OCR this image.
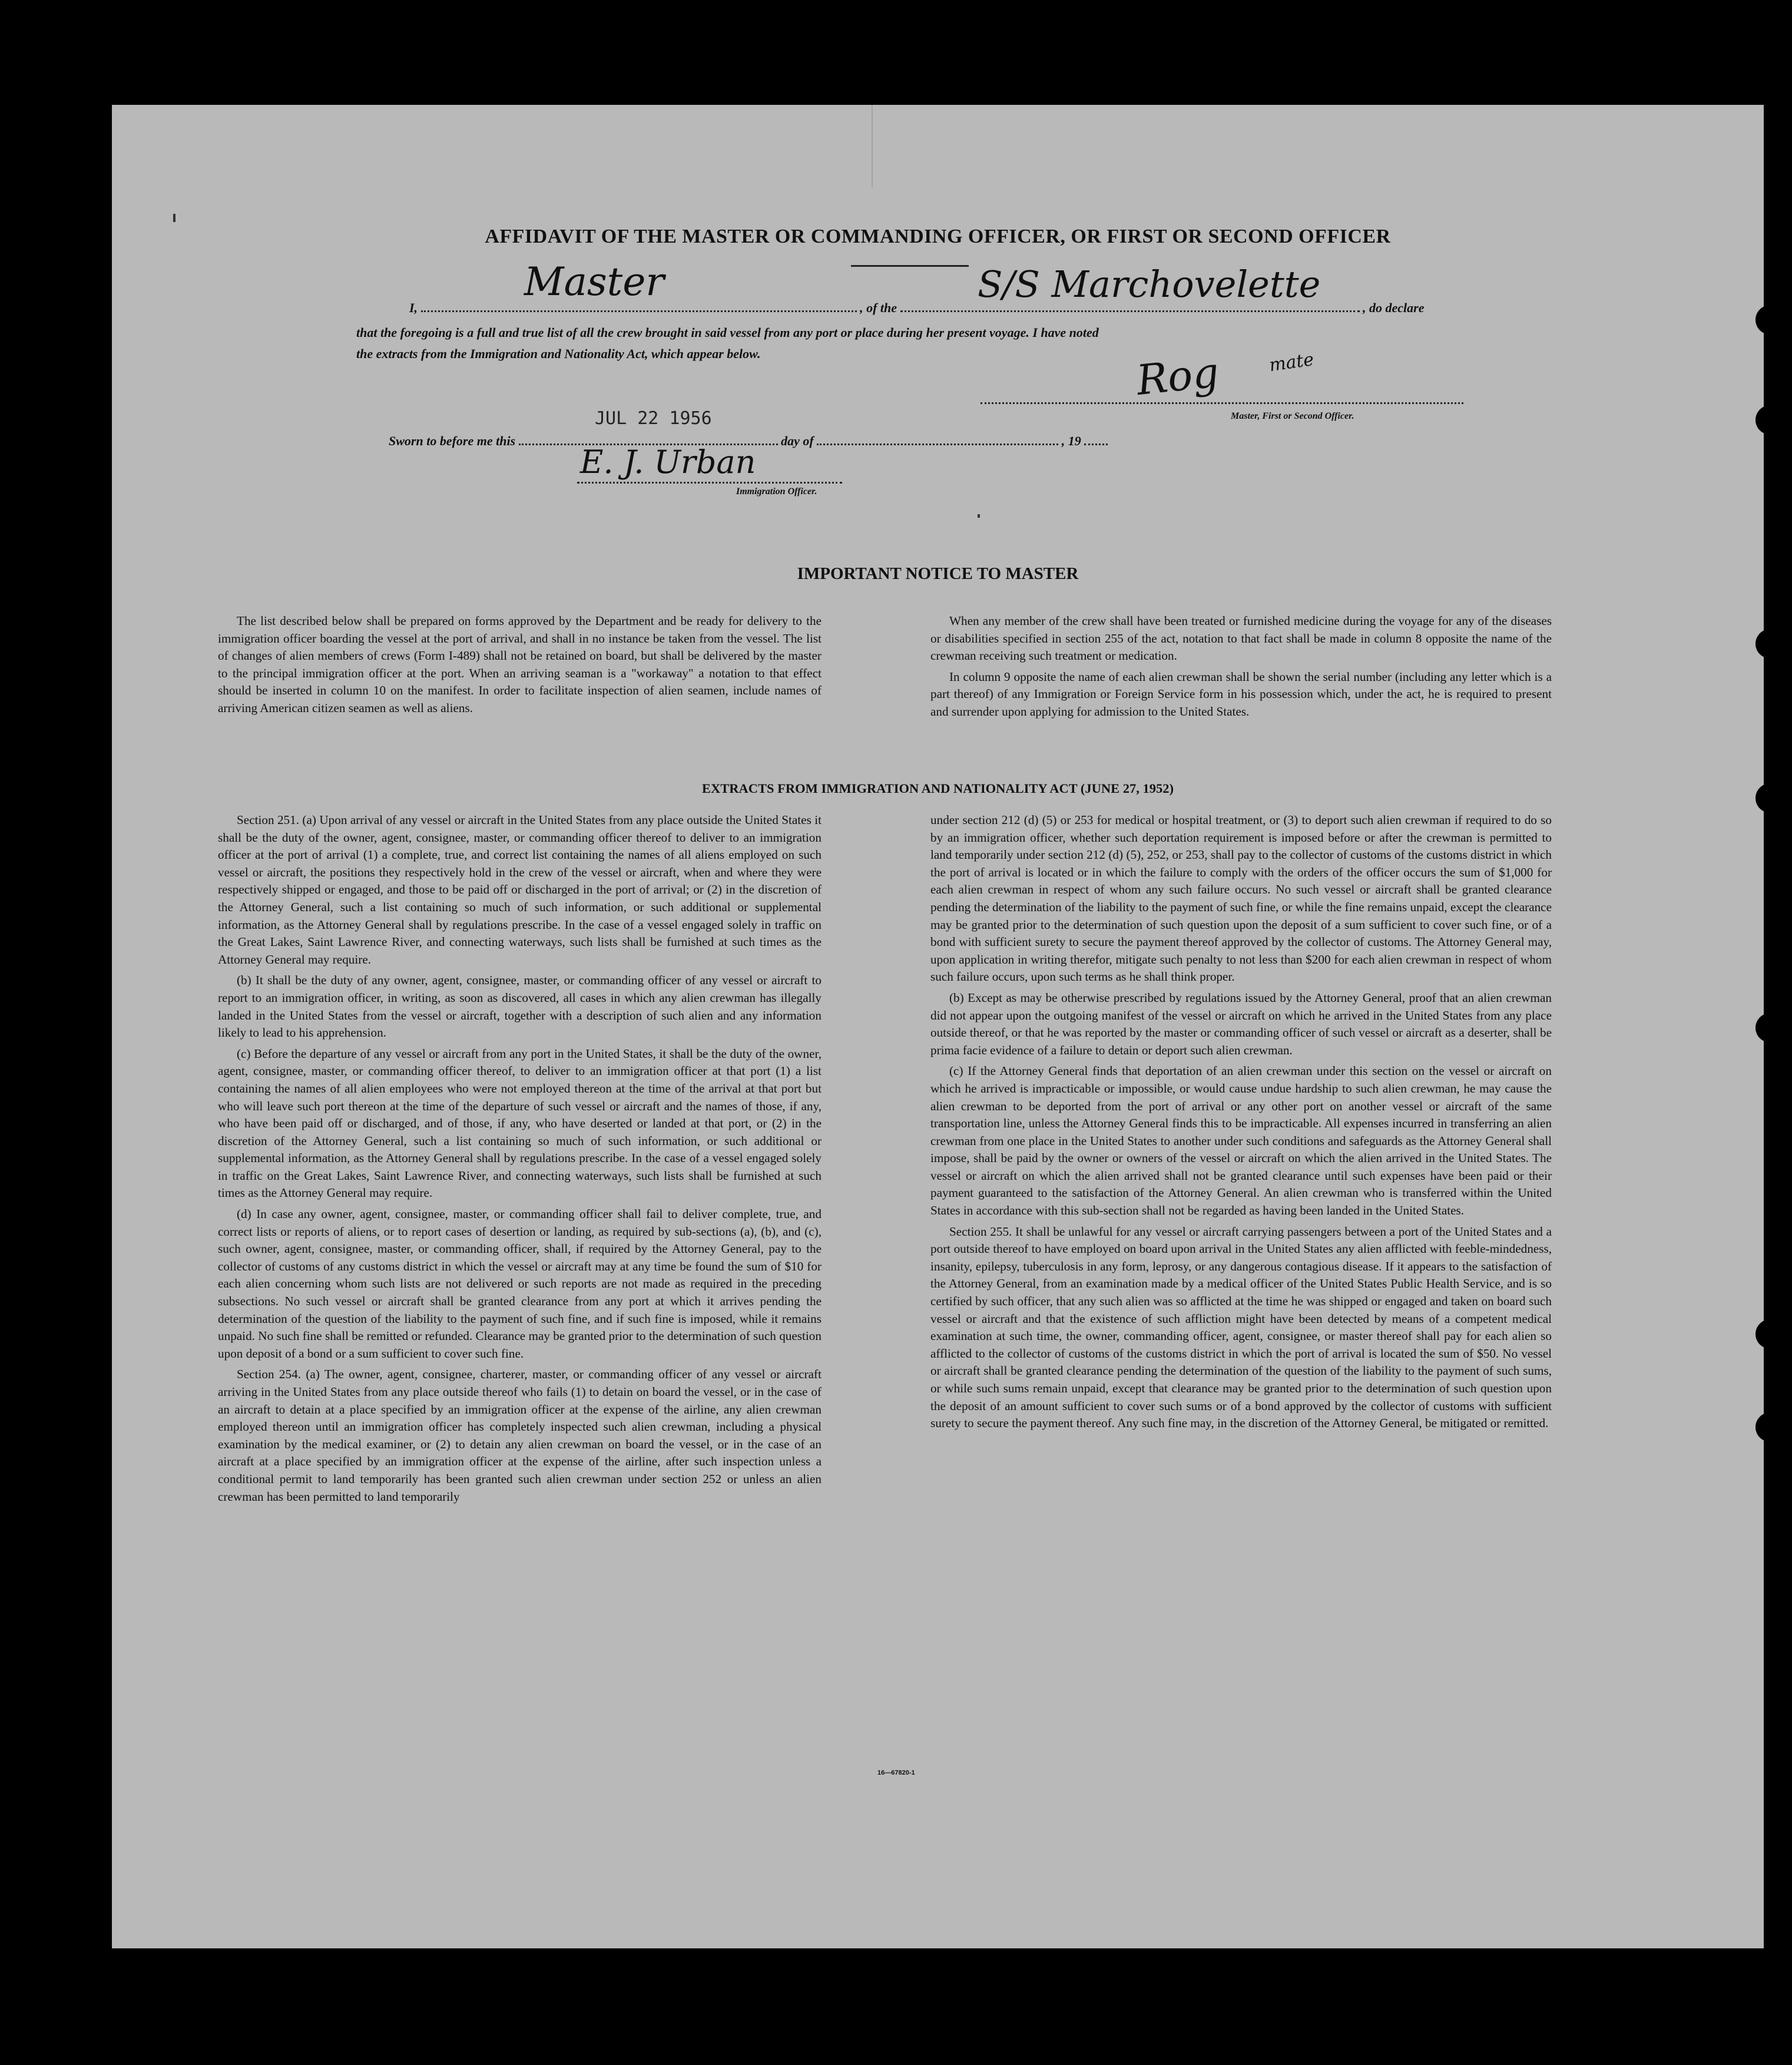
AFFIDAVIT OF THE MASTER OR COMMANDING OFFICER, OR FIRST OR SECOND OFFICER
I,	, of the	, do declare
Master	S/S Marchovelette
that the foregoing is a full and true list of all the crew brought in said vessel from any port or place during her present voyage. I have noted
the extracts from the Immigration and Nationality Act, which appear below.	Rog	mate
Master, First or Second Officer.
Sworn to before me this	day of	, 19
JUL 22 1956
E. J. Urban
Immigration Officer.
IMPORTANT NOTICE TO MASTER

The list described below shall be prepared on forms approved by the Department and be ready for delivery to the immigration officer boarding the vessel at the port of arrival, and shall in no instance be taken from the vessel. The list of changes of alien members of crews (Form I-489) shall not be retained on board, but shall be delivered by the master to the principal immigration officer at the port. When an arriving seaman is a "workaway" a notation to that effect should be inserted in column 10 on the manifest. In order to facilitate inspection of alien seamen, include names of arriving American citizen seamen as well as aliens.

When any member of the crew shall have been treated or furnished medicine during the voyage for any of the diseases or disabilities specified in section 255 of the act, notation to that fact shall be made in column 8 opposite the name of the crewman receiving such treatment or medication.

In column 9 opposite the name of each alien crewman shall be shown the serial number (including any letter which is a part thereof) of any Immigration or Foreign Service form in his possession which, under the act, he is required to present and surrender upon applying for admission to the United States.

EXTRACTS FROM IMMIGRATION AND NATIONALITY ACT (JUNE 27, 1952)

Section 251. (a) Upon arrival of any vessel or aircraft in the United States from any place outside the United States it shall be the duty of the owner, agent, consignee, master, or commanding officer thereof to deliver to an immigration officer at the port of arrival (1) a complete, true, and correct list containing the names of all aliens employed on such vessel or aircraft, the positions they respectively hold in the crew of the vessel or aircraft, when and where they were respectively shipped or engaged, and those to be paid off or discharged in the port of arrival; or (2) in the discretion of the Attorney General, such a list containing so much of such information, or such additional or supplemental information, as the Attorney General shall by regulations prescribe. In the case of a vessel engaged solely in traffic on the Great Lakes, Saint Lawrence River, and connecting waterways, such lists shall be furnished at such times as the Attorney General may require.

(b) It shall be the duty of any owner, agent, consignee, master, or commanding officer of any vessel or aircraft to report to an immigration officer, in writing, as soon as discovered, all cases in which any alien crewman has illegally landed in the United States from the vessel or aircraft, together with a description of such alien and any information likely to lead to his apprehension.

(c) Before the departure of any vessel or aircraft from any port in the United States, it shall be the duty of the owner, agent, consignee, master, or commanding officer thereof, to deliver to an immigration officer at that port (1) a list containing the names of all alien employees who were not employed thereon at the time of the arrival at that port but who will leave such port thereon at the time of the departure of such vessel or aircraft and the names of those, if any, who have been paid off or discharged, and of those, if any, who have deserted or landed at that port, or (2) in the discretion of the Attorney General, such a list containing so much of such information, or such additional or supplemental information, as the Attorney General shall by regulations prescribe. In the case of a vessel engaged solely in traffic on the Great Lakes, Saint Lawrence River, and connecting waterways, such lists shall be furnished at such times as the Attorney General may require.

(d) In case any owner, agent, consignee, master, or commanding officer shall fail to deliver complete, true, and correct lists or reports of aliens, or to report cases of desertion or landing, as required by sub-sections (a), (b), and (c), such owner, agent, consignee, master, or commanding officer, shall, if required by the Attorney General, pay to the collector of customs of any customs district in which the vessel or aircraft may at any time be found the sum of $10 for each alien concerning whom such lists are not delivered or such reports are not made as required in the preceding subsections. No such vessel or aircraft shall be granted clearance from any port at which it arrives pending the determination of the question of the liability to the payment of such fine, and if such fine is imposed, while it remains unpaid. No such fine shall be remitted or refunded. Clearance may be granted prior to the determination of such question upon deposit of a bond or a sum sufficient to cover such fine.

Section 254. (a) The owner, agent, consignee, charterer, master, or commanding officer of any vessel or aircraft arriving in the United States from any place outside thereof who fails (1) to detain on board the vessel, or in the case of an aircraft to detain at a place specified by an immigration officer at the expense of the airline, any alien crewman employed thereon until an immigration officer has completely inspected such alien crewman, including a physical examination by the medical examiner, or (2) to detain any alien crewman on board the vessel, or in the case of an aircraft at a place specified by an immigration officer at the expense of the airline, after such inspection unless a conditional permit to land temporarily has been granted such alien crewman under section 252 or unless an alien crewman has been permitted to land temporarily

under section 212 (d) (5) or 253 for medical or hospital treatment, or (3) to deport such alien crewman if required to do so by an immigration officer, whether such deportation requirement is imposed before or after the crewman is permitted to land temporarily under section 212 (d) (5), 252, or 253, shall pay to the collector of customs of the customs district in which the port of arrival is located or in which the failure to comply with the orders of the officer occurs the sum of $1,000 for each alien crewman in respect of whom any such failure occurs. No such vessel or aircraft shall be granted clearance pending the determination of the liability to the payment of such fine, or while the fine remains unpaid, except the clearance may be granted prior to the determination of such question upon the deposit of a sum sufficient to cover such fine, or of a bond with sufficient surety to secure the payment thereof approved by the collector of customs. The Attorney General may, upon application in writing therefor, mitigate such penalty to not less than $200 for each alien crewman in respect of whom such failure occurs, upon such terms as he shall think proper.

(b) Except as may be otherwise prescribed by regulations issued by the Attorney General, proof that an alien crewman did not appear upon the outgoing manifest of the vessel or aircraft on which he arrived in the United States from any place outside thereof, or that he was reported by the master or commanding officer of such vessel or aircraft as a deserter, shall be prima facie evidence of a failure to detain or deport such alien crewman.

(c) If the Attorney General finds that deportation of an alien crewman under this section on the vessel or aircraft on which he arrived is impracticable or impossible, or would cause undue hardship to such alien crewman, he may cause the alien crewman to be deported from the port of arrival or any other port on another vessel or aircraft of the same transportation line, unless the Attorney General finds this to be impracticable. All expenses incurred in transferring an alien crewman from one place in the United States to another under such conditions and safeguards as the Attorney General shall impose, shall be paid by the owner or owners of the vessel or aircraft on which the alien arrived in the United States. The vessel or aircraft on which the alien arrived shall not be granted clearance until such expenses have been paid or their payment guaranteed to the satisfaction of the Attorney General. An alien crewman who is transferred within the United States in accordance with this sub-section shall not be regarded as having been landed in the United States.

Section 255. It shall be unlawful for any vessel or aircraft carrying passengers between a port of the United States and a port outside thereof to have employed on board upon arrival in the United States any alien afflicted with feeble-mindedness, insanity, epilepsy, tuberculosis in any form, leprosy, or any dangerous contagious disease. If it appears to the satisfaction of the Attorney General, from an examination made by a medical officer of the United States Public Health Service, and is so certified by such officer, that any such alien was so afflicted at the time he was shipped or engaged and taken on board such vessel or aircraft and that the existence of such affliction might have been detected by means of a competent medical examination at such time, the owner, commanding officer, agent, consignee, or master thereof shall pay for each alien so afflicted to the collector of customs of the customs district in which the port of arrival is located the sum of $50. No vessel or aircraft shall be granted clearance pending the determination of the question of the liability to the payment of such sums, or while such sums remain unpaid, except that clearance may be granted prior to the determination of such question upon the deposit of an amount sufficient to cover such sums or of a bond approved by the collector of customs with sufficient surety to secure the payment thereof. Any such fine may, in the discretion of the Attorney General, be mitigated or remitted.

16—67820-1
